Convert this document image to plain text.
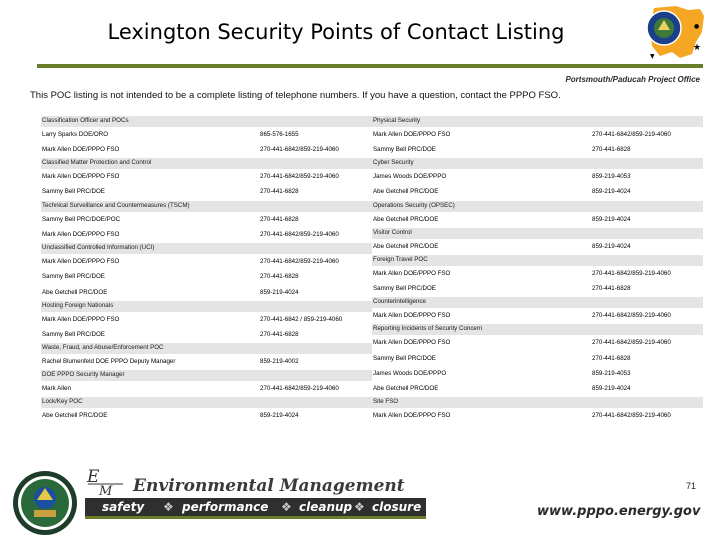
Lexington Security Points of Contact Listing
★
●
▼
Portsmouth/Paducah Project Office
This POC listing is not intended to be a complete listing of telephone numbers. If you have a question, contact the PPPO FSO.
Classification Officer and POCs
Larry Sparks DOE/ORO	865-576-1655
Mark Allen DOE/PPPO FSO	270-441-6842/859-219-4060
Classified Matter Protection and Control
Mark Allen DOE/PPPO FSO	270-441-6842/859-219-4060
Sammy Bell PRC/DOE	270-441-6828
Technical Surveillance and Countermeasures (TSCM)
Sammy Bell PRC/DOE/POC	270-441-6828
Mark Allen DOE/PPPO FSO	270-441-6842/859-219-4060
Unclassified Controlled Information (UCI)
Mark Allen DOE/PPPO FSO	270-441-6842/859-219-4060
Sammy Bell PRC/DOE	270-441-6828
Abe Getchell PRC/DOE	859-219-4024
Hosting Foreign Nationals
Mark Allen DOE/PPPO FSO	270-441-6842 / 859-219-4060
Sammy Bell PRC/DOE	270-441-6828
Waste, Fraud, and Abuse/Enforcement POC
Rachel Blumenfeld DOE PPPO Deputy Manager	859-219-4002
DOE PPPO Security Manager
Mark Allen	270-441-6842/859-219-4060
Lock/Key POC
Abe Getchell PRC/DOE	859-219-4024
Physical Security
Mark Allen DOE/PPPO FSO	270-441-6842/859-219-4060
Sammy Bell PRC/DOE	270-441-6828
Cyber Security
James Woods DOE/PPPO	859-219-4053
Abe Getchell PRC/DOE	859-219-4024
Operations Security (OPSEC)
Abe Getchell PRC/DOE	859-219-4024
Visitor Control
Abe Getchell PRC/DOE	859-219-4024
Foreign Travel POC
Mark Allen DOE/PPPO FSO	270-441-6842/859-219-4060
Sammy Bell PRC/DOE	270-441-6828
Counterintelligence
Mark Allen DOE/PPPO FSO	270-441-6842/859-219-4060
Reporting Incidents of Security Concern
Mark Allen DOE/PPPO FSO	270-441-6842/859-219-4060
Sammy Bell PRC/DOE	270-441-6828
James Woods DOE/PPPO	859-219-4053
Abe Getchell PRC/DOE	859-219-4024
Site FSO
Mark Allen DOE/PPPO FSO	270-441-6842/859-219-4060
E
M Environmental Management
safety ❖ performance ❖ cleanup ❖ closure
71
www.pppo.energy.gov
